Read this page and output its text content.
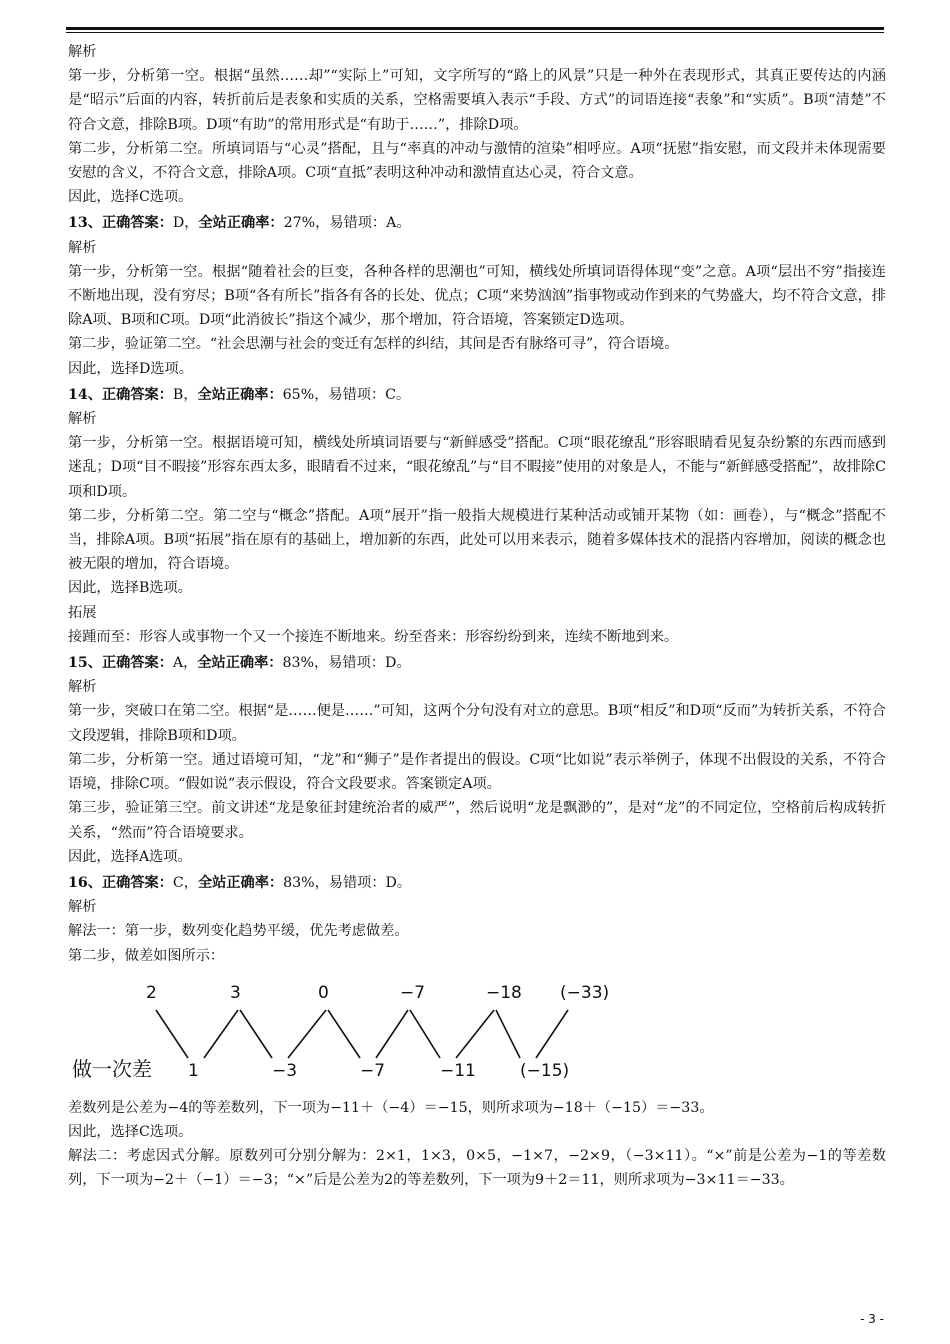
解析

第一步，分析第一空。根据“虽然……却”“实际上”可知，文字所写的“路上的风景”只是一种外在表现形式，其真正要传达的内涵是“昭示”后面的内容，转折前后是表象和实质的关系，空格需要填入表示“手段、方式”的词语连接“表象”和“实质”。B项“清楚”不符合文意，排除B项。D项“有助”的常用形式是“有助于……”，排除D项。

第二步，分析第二空。所填词语与“心灵”搭配，且与“率真的冲动与激情的渲染”相呼应。A项“抚慰”指安慰，而文段并未体现需要安慰的含义，不符合文意，排除A项。C项“直抵”表明这种冲动和激情直达心灵，符合文意。

因此，选择C选项。

13、正确答案：D，全站正确率：27%，易错项：A。

解析

第一步，分析第一空。根据“随着社会的巨变，各种各样的思潮也”可知，横线处所填词语得体现“变”之意。A项“层出不穷”指接连不断地出现，没有穷尽；B项“各有所长”指各有各的长处、优点；C项“来势汹汹”指事物或动作到来的气势盛大，均不符合文意，排除A项、B项和C项。D项“此消彼长”指这个减少，那个增加，符合语境，答案锁定D选项。

第二步，验证第二空。“社会思潮与社会的变迁有怎样的纠结，其间是否有脉络可寻”，符合语境。

因此，选择D选项。

14、正确答案：B，全站正确率：65%，易错项：C。

解析

第一步，分析第一空。根据语境可知，横线处所填词语要与“新鲜感受”搭配。C项“眼花缭乱”形容眼睛看见复杂纷繁的东西而感到迷乱；D项“目不暇接”形容东西太多，眼睛看不过来，“眼花缭乱”与“目不暇接”使用的对象是人，不能与“新鲜感受搭配”，故排除C项和D项。

第二步，分析第二空。第二空与“概念”搭配。A项“展开”指一般指大规模进行某种活动或铺开某物（如：画卷），与“概念”搭配不当，排除A项。B项“拓展”指在原有的基础上，增加新的东西，此处可以用来表示，随着多媒体技术的混搭内容增加，阅读的概念也被无限的增加，符合语境。

因此，选择B选项。

拓展

接踵而至：形容人或事物一个又一个接连不断地来。纷至沓来：形容纷纷到来，连续不断地到来。

15、正确答案：A，全站正确率：83%，易错项：D。

解析

第一步，突破口在第二空。根据“是……便是……”可知，这两个分句没有对立的意思。B项“相反”和D项“反而”为转折关系，不符合文段逻辑，排除B项和D项。

第二步，分析第一空。通过语境可知，“龙”和“狮子”是作者提出的假设。C项“比如说”表示举例子，体现不出假设的关系，不符合语境，排除C项。“假如说”表示假设，符合文段要求。答案锁定A项。

第三步，验证第三空。前文讲述“龙是象征封建统治者的威严”，然后说明“龙是飘渺的”，是对“龙”的不同定位，空格前后构成转折关系，“然而”符合语境要求。

因此，选择A选项。

16、正确答案：C，全站正确率：83%，易错项：D。

解析

解法一：第一步，数列变化趋势平缓，优先考虑做差。

第二步，做差如图所示：

2	3	0	−7	−18 (−33)
1	−3	−7	−11	(−15)
做一次差

差数列是公差为−4的等差数列，下一项为−11＋（−4）＝−15，则所求项为−18＋（−15）＝−33。

因此，选择C选项。

解法二：考虑因式分解。原数列可分别分解为：2×1，1×3，0×5，−1×7，−2×9，（−3×11）。“×”前是公差为−1的等差数列，下一项为−2＋（−1）＝−3；“×”后是公差为2的等差数列，下一项为9＋2＝11，则所求项为−3×11＝−33。

- 3 -
